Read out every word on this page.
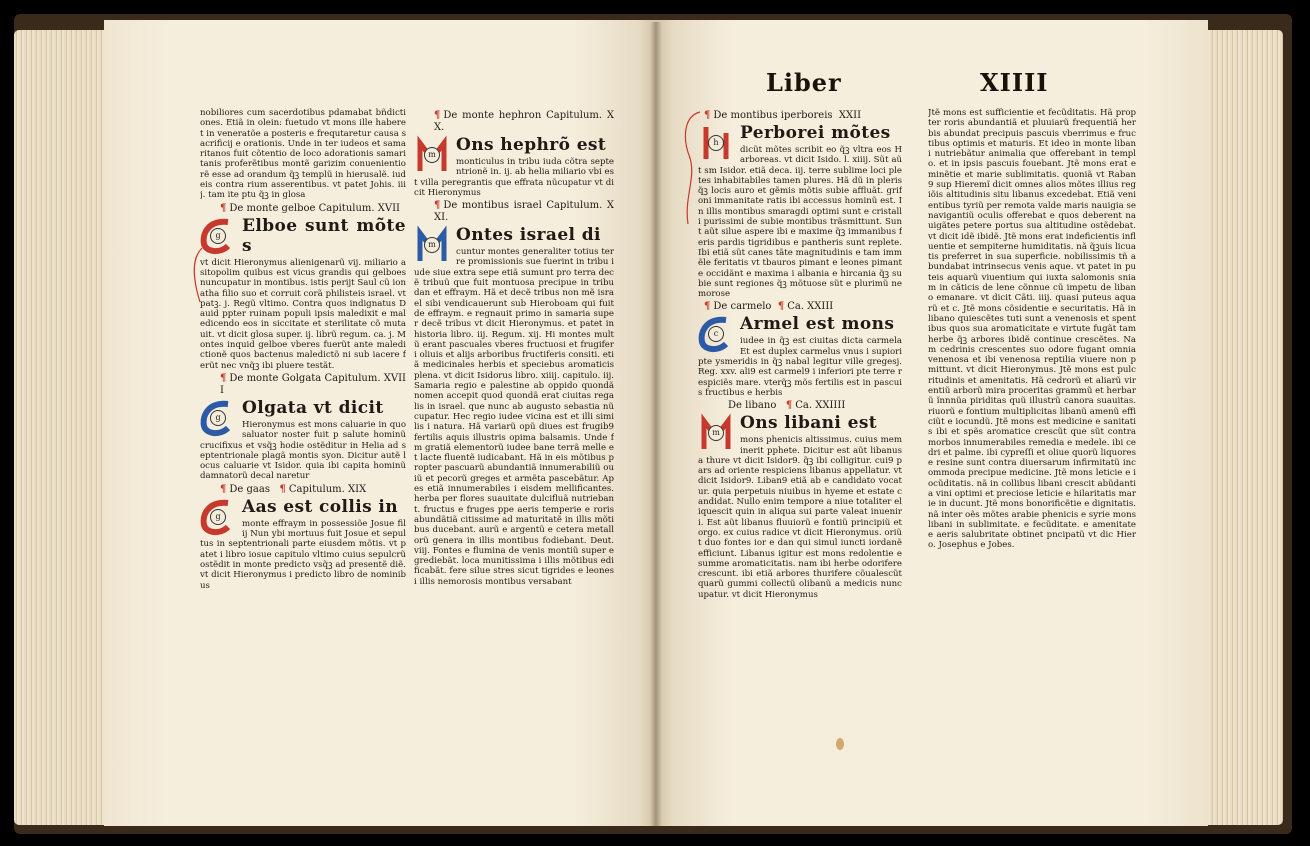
Liber	XIIII

nobiliores cum sacerdotibus pdamabat bñdictiones. Etiã in olein: fuetudo vt mons ille haberet in veneratõe a posteris e frequtaretur causa sacrificij e orationis. Unde in ter iudeos et samaritanos fuit cõtentio de loco adorationis samaritanis proferẽtibus montẽ garizim conuenientiorẽ esse ad orandum q̃ꝫ templũ in hierusalẽ. iudeis contra rium asserentibus. vt patet Johis. iiij. tam ite ptu q̃ꝫ in glosa

¶ De monte gelboe Capitulum. XVII
g	Elboe sunt mõtes

vt dicit Hieronymus alienigenarũ vij. miliario a sitopolim quibus est vicus grandis qui gelboes nuncupatur in montibus. istis perijt Saul cũ ionatha filio suo et corruit corã philisteis israel. vt patꝫ. j. Regũ vltimo. Contra quos indignatus Dauid ppter ruinam populi ipsis maledixit e maledicendo eos in siccitate et sterilitate cõ mutauit. vt dicit glosa super. ij. librũ regum. ca. j. Montes inquid gelboe vberes fuerũt ante maledictionẽ quos bactenus maledictõ ni sub iacere ferũt nec vnq̃ꝫ ibi pluere testãt.

¶ De monte Golgata Capitulum. XVIII
g	Olgata vt dicit

Hieronymus est mons caluarie in quo saluator noster fuit p salute hominũ crucifixus et vsq̃ꝫ hodie ostẽditur in Helia ad septentrionale plagã montis syon. Dicitur autẽ locus caluarie vt Isidor. quia ibi capita hominũ damnatorũ decal naretur

¶ De gaas ¶ Capitulum. XIX
g	Aas est collis in

monte effraym in possessiõe Josue filij Nun ybi mortuus fuit Josue et sepultus in septentrionali parte eiusdem mõtis. vt patet i libro iosue capitulo vltimo cuius sepulcrũ ostẽdit in monte predicto vsq̃ꝫ ad presentẽ diẽ. vt dicit Hieronymus i predicto libro de nominibus

¶ De monte hephron Capitulum. XX.
m	Ons hephrõ est

monticulus in tribu iuda cõtra septentrionẽ in. ij. ab helia miliario vbi est villa peregrantis que effrata nũcupatur vt dicit Hieronymus

¶ De montibus israel Capitulum. XXI.
m	Ontes israel di

cuntur montes generaliter totius terre promissionis sue fuerint in tribu iude siue extra sepe etiã sumunt pro terra decẽ tribuũ que fuit montuosa precipue in tribu dan et effraym. Hã et decẽ tribus non mẽ israel sibi vendicauerunt sub Hieroboam qui fuit de effraym. e regnauit primo in samaria super decẽ tribus vt dicit Hieronymus. et patet in historia libro. iij. Regum. xij. Hi montes multũ erant pascuales vberes fructuosi et frugiferi oliuis et alijs arboribus fructiferis consiti. etiã medicinales herbis et speciebus aromaticis plena. vt dicit Isidorus libro. xiiij. capitulo. iij. Samaria regio e palestine ab oppido quondã nomen accepit quod quondã erat ciuitas regalis in israel. que nunc ab augusto sebastia nũcupatur. Hec regio iudee vicina est et illi similis i natura. Hã variarũ opũ diues est frugib9 fertilis aquis illustris opima balsamis. Unde fm gratiã elementorũ iudee bane terrã melle et lacte fluentẽ iudicabant. Hã in eis mõtibus propter pascuarũ abundantiã innumerabiliũ ouiũ et pecorũ greges et armẽta pascebãtur. Apes etiã innumerabiles i eisdem mellificantes. herba per flores suauitate dulcifluã nutriebant. fructus e fruges ppe aeris temperie e roris abundãtiã citissime ad maturitatẽ in illis mõtibus ducebant. aurũ e argentũ e cetera metallorũ genera in illis montibus fodiebant. Deut. viij. Fontes e flumina de venis montiũ super egrediebãt. loca munitissima i illis mõtibus edificabãt. fere silue stres sicut tigrides e leones i illis nemorosis montibus versabant

¶ De montibus iperboreis XXII
h	Perborei mõtes

dicũt mõtes scribit eo q̃ꝫ vltra eos Harboreas. vt dicit Isido. l. xiiij. Sũt aũt sm Isidor. etiã deca. iij. terre sublime loci pletes inhabitabiles tamen plures. Hã dũ in plerisq̃ꝫ locis auro et gẽmis mõtis subie affluãt. grifoni immanitate ratis ibi accessus hominũ est. In illis montibus smaragdi optimi sunt e cristalli purissimi de subie montibus trãsmittunt. Sunt aũt silue aspere ibi e maxime q̃ꝫ immanibus feris pardis tigridibus e pantheris sunt replete. Ibi etiã sũt canes tãte magnitudinis e tam immẽle feritatis vt tbauros pimant e leones pimant e occidãnt e maxima i albania e hircania q̃ꝫ subie sunt regiones q̃ꝫ mõtuose sũt e plurimũ nemorose

¶ De carmelo ¶ Ca. XXIII
c	Armel est mons

iudee in q̃ꝫ est ciuitas dicta carmela Et est duplex carmelus vnus i supiori pte ysmeridis in q̃ꝫ nabal legitur ville gregesj. Reg. xxv. ali9 est carmel9 i inferiori pte terre respiciẽs mare. vterq̃ꝫ mõs fertilis est in pascuis fructibus e herbis

De libano ¶ Ca. XXIIII
m	Ons libani est

mons phenicis altissimus. cuius meminerit pphete. Dicitur est aũt libanus a thure vt dicit Isidor9. q̃ꝫ ibi colligitur. cui9 pars ad oriente respiciens libanus appellatur. vt dicit Isidor9. Liban9 etiã ab e candidato vocatur. quia perpetuis niuibus in hyeme et estate candidat. Nullo enim tempore a niue totaliter eliquescit quin in aliqua sui parte valeat inueniri. Est aũt libanus fluuiorũ e fontiũ principiũ et orgo. ex cuius radice vt dicit Hieronymus. oriũt duo fontes ior e dan qui simul iuncti iordanẽ efficiunt. Libanus igitur est mons redolentie e summe aromaticitatis. nam ibi herbe odorifere crescunt. ibi etiã arbores thurifere cõualescũt quarũ gummi collectũ olibanũ a medicis nuncupatur. vt dicit Hieronymus

Jtẽ mons est sufficientie et fecũditatis. Hã propter roris abundantiã et pluuiarũ frequentiã herbis abundat precipuis pascuis vberrimus e fructibus optimis et maturis. Et ideo in monte libani nutriebãtur animalia que offerebant in templo. et in ipsis pascuis fouebant. Jtẽ mons erat eminẽtie et marie sublimitatis. quoniã vt Raban9 sup Hieremĩ dicit omnes alios mõtes illius regiõis altitudinis situ libanus excedebat. Etiã venientibus tyriũ per remota valde maris nauigia se navigantiũ oculis offerebat e quos deberent nauigãtes petere portus sua altitudine ostẽdebat. vt dicit idẽ ibidẽ. Jtẽ mons erat indeficientis influentie et sempiterne humiditatis. nã q̃ꝫuis licuatis preferret in sua superficie. nobilissimis tñ abundabat intrinsecus venis aque. vt patet in puteis aquarũ viuentium qui iuxta salomonis sniam in cãticis de lene cõnnue cũ impetu de libano emanare. vt dicit Cãti. iiij. quasi puteus aquarũ et c. Jtẽ mons cõsidentie e securitatis. Hã in libano quiescẽtes tuti sunt a venenosis et spentibus quos sua aromaticitate e virtute fugãt tam herbe q̃ꝫ arbores ibidẽ continue crescẽtes. Nam cedrinis crescentes suo odore fugant omnia venenosa et ibi venenosa reptilia viuere non pmittunt. vt dicit Hieronymus. Jtẽ mons est pulcritudinis et amenitatis. Hã cedrorũ et aliarũ virentiũ arborũ mira proceritas grammũ et herbarũ ĩnnnũa piriditas quũ illustrũ canora suauitas. riuorũ e fontium multiplicitas libanũ amenũ efficiũt e iocundũ. Jtẽ mons est medicine e sanitatis ibi et spẽs aromatice crescũt que sũt contra morbos innumerabiles remedia e medele. ibi cedri et palme. ibi cypreſſi et oliue quorũ liquores e resine sunt contra diuersarum infirmitatũ incommoda precipue medicine. Jtẽ mons leticie e iocũditatis. nã in collibus libani crescit abũdantia vini optimi et preciose leticie e hilaritatis marie in ducunt. Jtẽ mons bonorificẽtie e dignitatis. nã inter oẽs mõtes arabie phenicis e syrie mons libani in sublimitate. e fecũditate. e amenitate e aeris salubritate obtinet pncipatũ vt dic Hiero. Josephus e Jobes.
